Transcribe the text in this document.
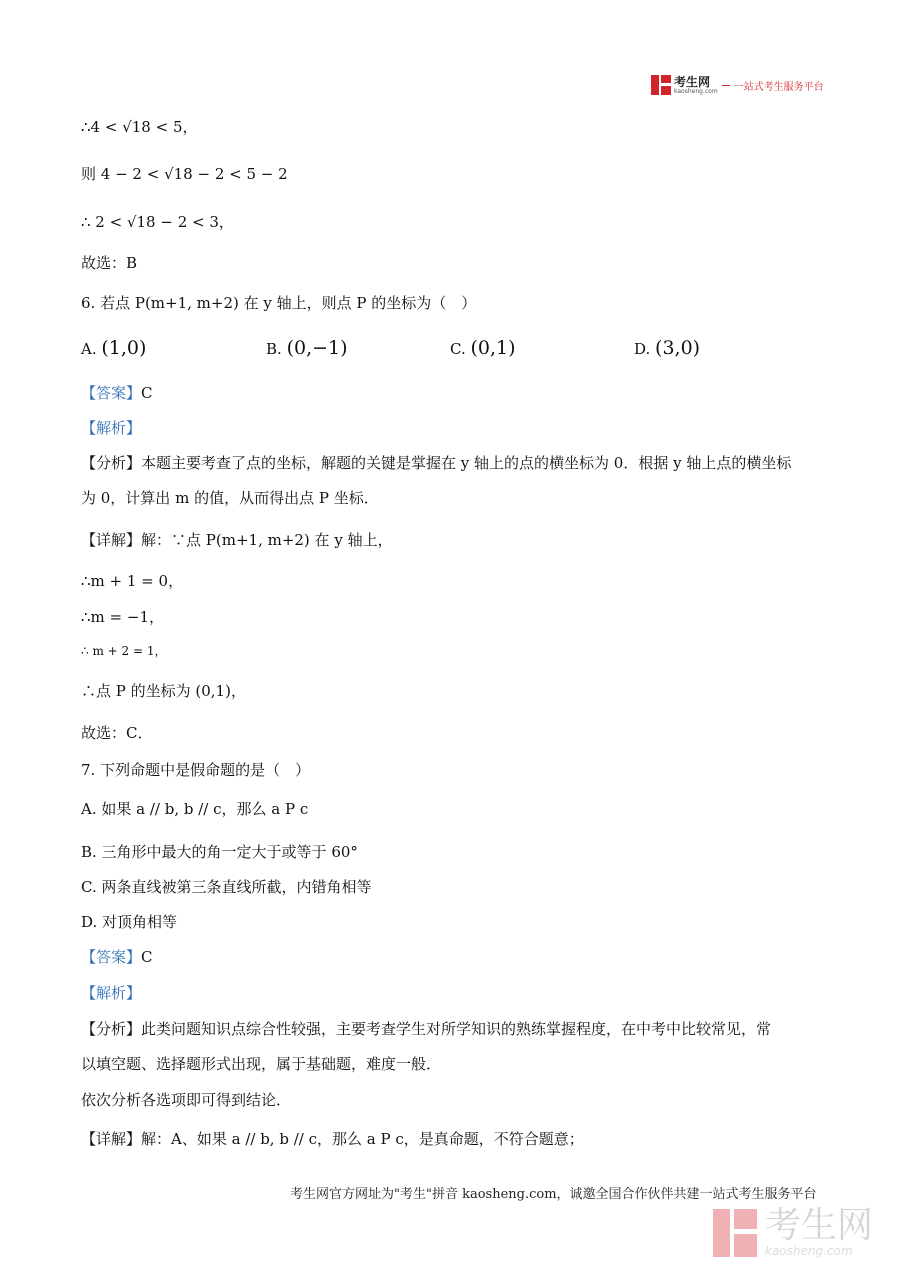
考生网
kaosheng.com 一站式考生服务平台
∴4 < √18 < 5，
则 4 − 2 < √18 − 2 < 5 − 2
∴ 2 < √18 − 2 < 3，
故选：B
6. 若点 P(m+1, m+2) 在 y 轴上，则点 P 的坐标为（　）
A. (1,0)	B. (0,−1)	C. (0,1)	D. (3,0)
【答案】C
【解析】
【分析】本题主要考查了点的坐标，解题的关键是掌握在 y 轴上的点的横坐标为 0．根据 y 轴上点的横坐标
为 0，计算出 m 的值，从而得出点 P 坐标．
【详解】解：∵点 P(m+1, m+2) 在 y 轴上，
∴m + 1 = 0，
∴m = −1，
∴ m + 2 = 1，
∴点 P 的坐标为 (0,1)，
故选：C．
7. 下列命题中是假命题的是（　）
A. 如果 a // b, b // c，那么 a P c
B. 三角形中最大的角一定大于或等于 60°
C. 两条直线被第三条直线所截，内错角相等
D. 对顶角相等
【答案】C
【解析】
【分析】此类问题知识点综合性较强，主要考查学生对所学知识的熟练掌握程度，在中考中比较常见，常
以填空题、选择题形式出现，属于基础题，难度一般．
依次分析各选项即可得到结论．
【详解】解：A、如果 a // b, b // c，那么 a P c，是真命题，不符合题意；
考生网官方网址为"考生"拼音 kaosheng.com，诚邀全国合作伙伴共建一站式考生服务平台
考生网
kaosheng.com
